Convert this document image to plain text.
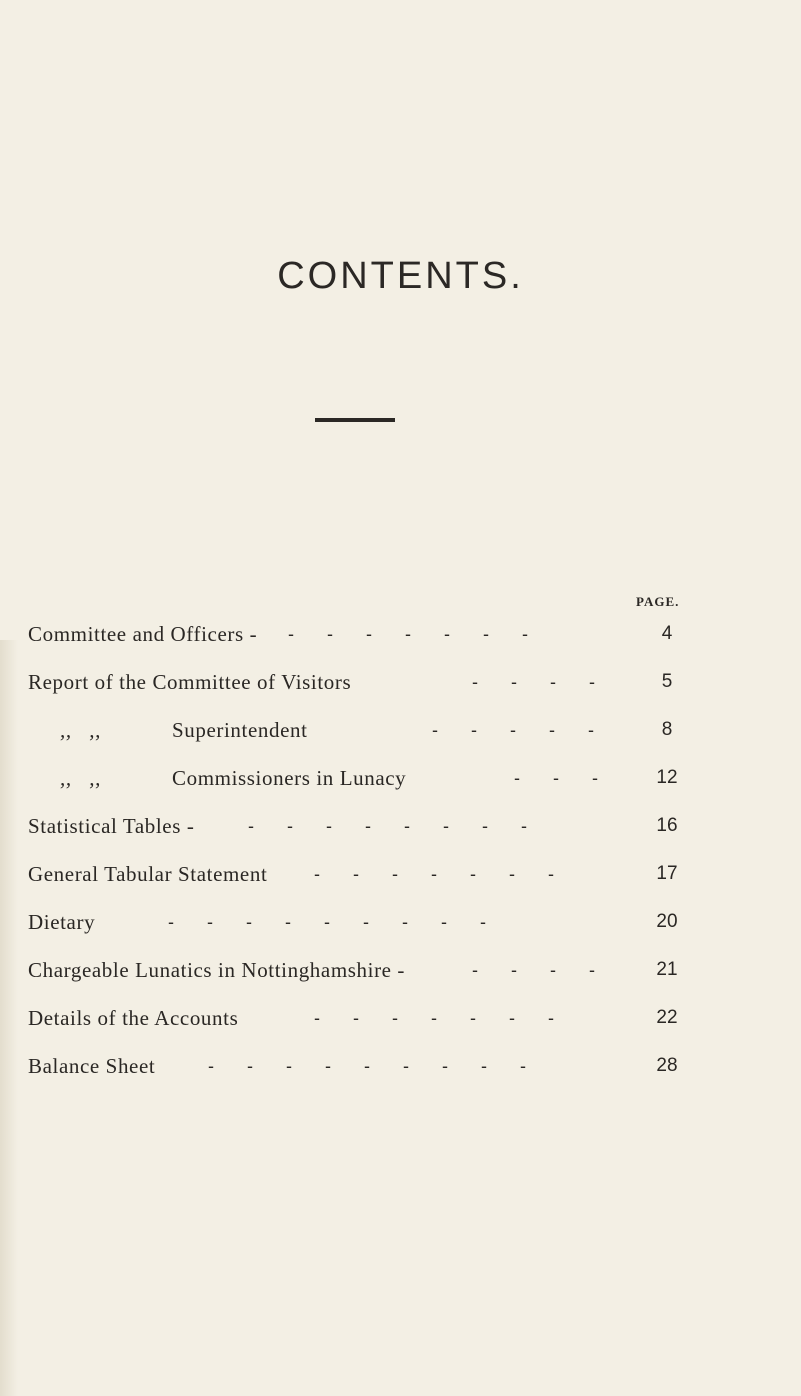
CONTENTS.
PAGE.
Committee and Officers - - - - - - - -	4
Report of the Committee of Visitors	- - - -	5
,,   ,,	Superintendent	- - - - -	8
,,   ,,	Commissioners in Lunacy	- - -	12
Statistical Tables -	- - - - - - - -	16
General Tabular Statement	- - - - - - -	17
Dietary	- - - - - - - - -	20
Chargeable Lunatics in Nottinghamshire -	- - - -	21
Details of the Accounts	- - - - - - -	22
Balance Sheet	- - - - - - - - -	28
